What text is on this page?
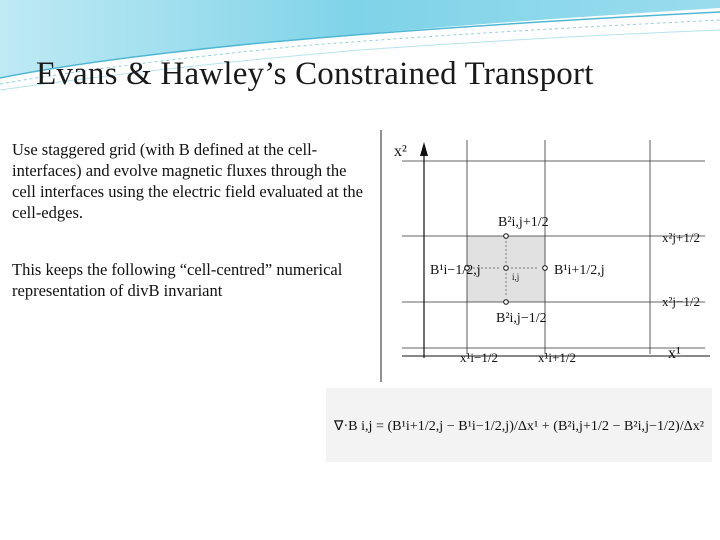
Evans & Hawley’s Constrained Transport
Use staggered grid (with B defined at the cell-interfaces) and evolve magnetic fluxes through the cell interfaces using the electric field evaluated at the cell-edges.
This keeps the following “cell-centred” numerical representation of divB invariant
x²
x¹
x²j+1/2
x²j−1/2
x¹i−1/2	x¹i+1/2
B²i,j+1/2
B²i,j−1/2
B¹i−1/2,j	B¹i+1/2,j
i,j
∇·B i,j = (B¹i+1/2,j − B¹i−1/2,j)/Δx¹ + (B²i,j+1/2 − B²i,j−1/2)/Δx²
